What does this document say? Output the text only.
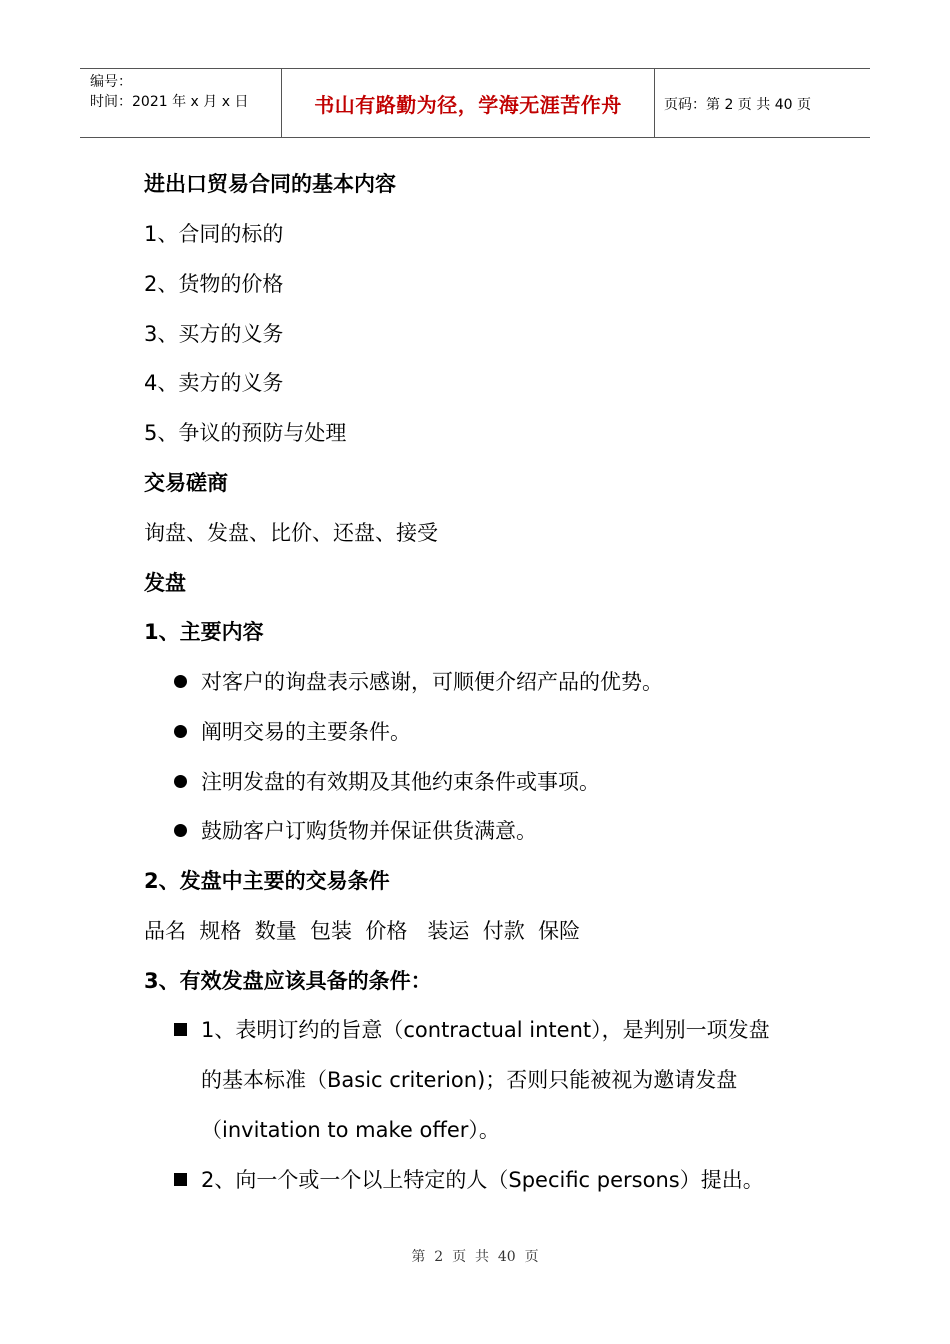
编号：
时间：2021 年 x 月 x 日	书山有路勤为径，学海无涯苦作舟	页码：第 2 页 共 40 页
进出口贸易合同的基本内容
1、合同的标的
2、货物的价格
3、买方的义务
4、卖方的义务
5、争议的预防与处理
交易磋商
询盘、发盘、比价、还盘、接受
发盘
1、主要内容
对客户的询盘表示感谢，可顺便介绍产品的优势。
阐明交易的主要条件。
注明发盘的有效期及其他约束条件或事项。
鼓励客户订购货物并保证供货满意。
2、发盘中主要的交易条件
品名  规格  数量  包装  价格   装运  付款  保险
3、有效发盘应该具备的条件：
1、表明订约的旨意（contractual intent），是判别一项发盘
的基本标准（Basic criterion)；否则只能被视为邀请发盘
（invitation to make offer）。
2、向一个或一个以上特定的人（Specific persons）提出。
第  2  页  共  40  页
